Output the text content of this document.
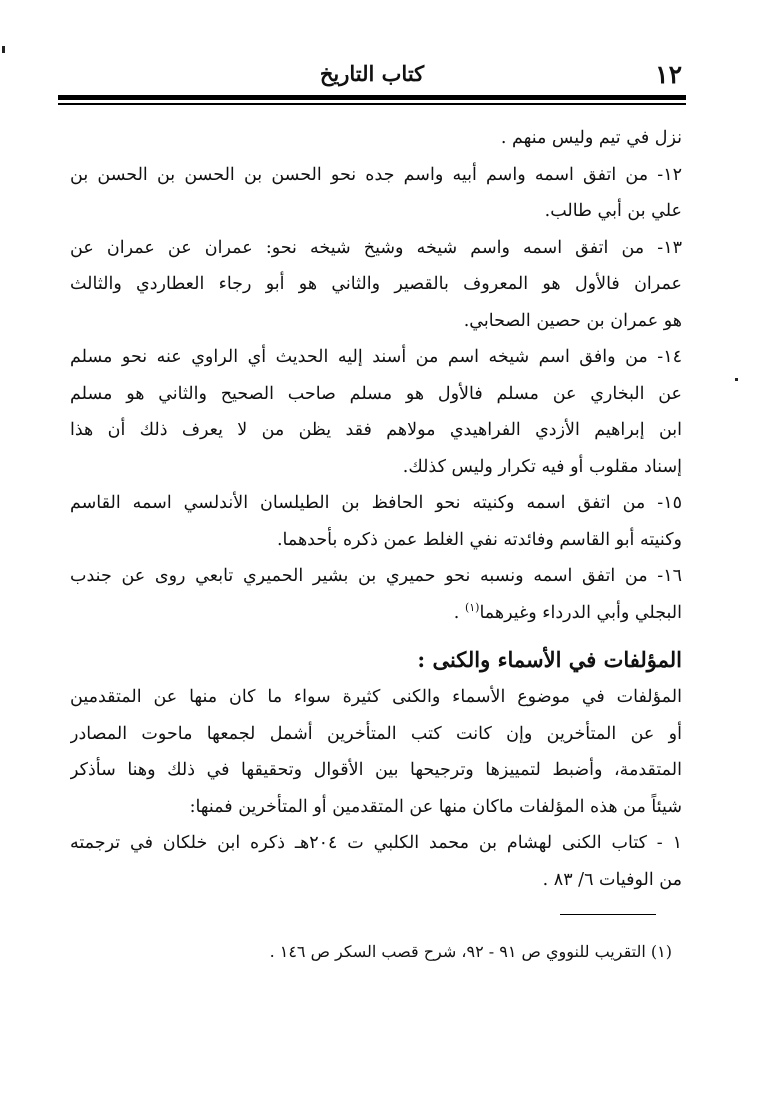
١٢
كتاب التاريخ
نزل في تيم وليس منهم .
١٢- من اتفق اسمه واسم أبيه واسم جده نحو الحسن بن الحسن بن الحسن بن
علي بن أبي طالب.
١٣- من اتفق اسمه واسم شيخه وشيخ شيخه نحو: عمران عن عمران عن
عمران فالأول هو المعروف بالقصير والثاني هو أبو رجاء العطاردي والثالث
هو عمران بن حصين الصحابي.
١٤- من وافق اسم شيخه اسم من أسند إليه الحديث أي الراوي عنه نحو مسلم
عن البخاري عن مسلم فالأول هو مسلم صاحب الصحيح والثاني هو مسلم
ابن إبراهيم الأزدي الفراهيدي مولاهم فقد يظن من لا يعرف ذلك أن هذا
إسناد مقلوب أو فيه تكرار وليس كذلك.
١٥- من اتفق اسمه وكنيته نحو الحافظ بن الطيلسان الأندلسي اسمه القاسم
وكنيته أبو القاسم وفائدته نفي الغلط عمن ذكره بأحدهما.
١٦- من اتفق اسمه ونسبه نحو حميري بن بشير الحميري تابعي روى عن جندب
البجلي وأبي الدرداء وغيرهما$^{(١)}$ .
المؤلفات في الأسماء والكنى :
المؤلفات في موضوع الأسماء والكنى كثيرة سواء ما كان منها عن المتقدمين
أو عن المتأخرين وإن كانت كتب المتأخرين أشمل لجمعها ماحوت المصادر
المتقدمة، وأضبط لتمييزها وترجيحها بين الأقوال وتحقيقها في ذلك وهنا سأذكر
شيئاً من هذه المؤلفات ماكان منها عن المتقدمين أو المتأخرين فمنها:
١ - كتاب الكنى لهشام بن محمد الكلبي ت ٢٠٤هـ ذكره ابن خلكان في ترجمته
من الوفيات ٦/ ٨٣ .
(١) التقريب للنووي ص ٩١ - ٩٢، شرح قصب السكر ص ١٤٦ .
